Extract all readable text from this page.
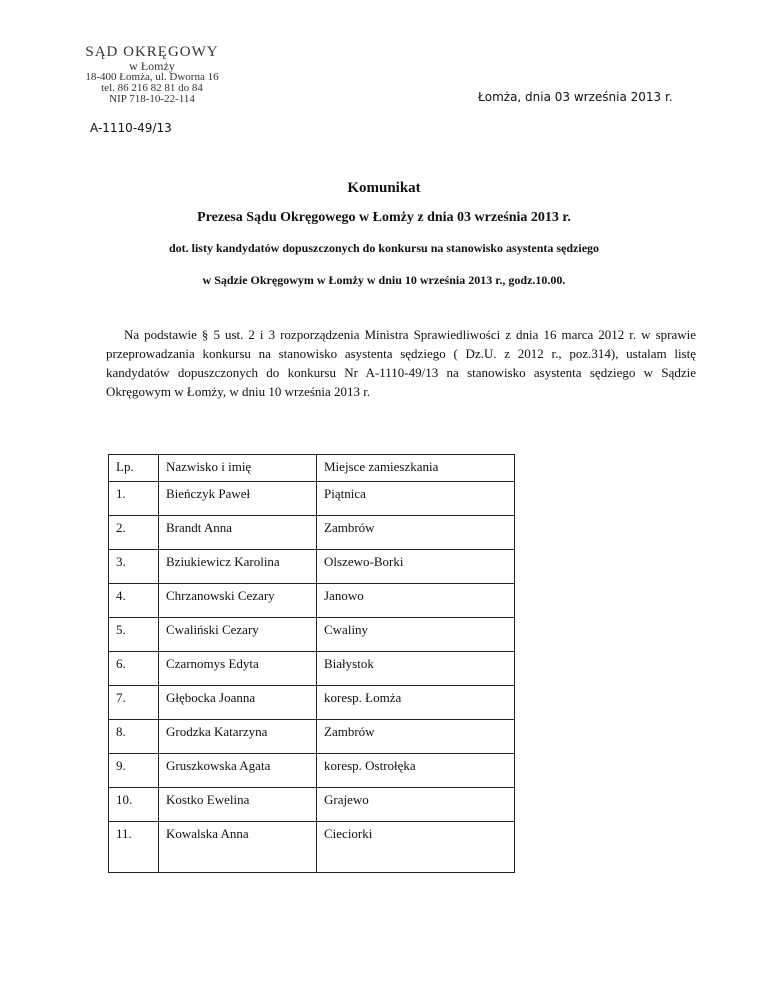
SĄD OKRĘGOWY
w Łomży
18-400 Łomża, ul. Dworna 16
tel. 86 216 82 81 do 84
NIP 718-10-22-114	Łomża, dnia 03 września 2013 r.
A-1110-49/13
Komunikat
Prezesa Sądu Okręgowego w Łomży z dnia 03 września 2013 r.
dot. listy kandydatów dopuszczonych do konkursu na stanowisko asystenta sędziego
w Sądzie Okręgowym w Łomży w dniu 10 września 2013 r., godz.10.00.
Na podstawie § 5 ust. 2 i 3 rozporządzenia Ministra Sprawiedliwości z dnia 16 marca 2012 r. w sprawie przeprowadzania konkursu na stanowisko asystenta sędziego ( Dz.U. z 2012 r., poz.314), ustalam listę kandydatów dopuszczonych do konkursu Nr A-1110-49/13 na stanowisko asystenta sędziego w Sądzie Okręgowym w Łomży, w dniu 10 września 2013 r.
Lp.	Nazwisko i imię	Miejsce zamieszkania
1.	Bieńczyk Paweł	Piątnica
2.	Brandt Anna	Zambrów
3.	Bziukiewicz Karolina	Olszewo-Borki
4.	Chrzanowski Cezary	Janowo
5.	Cwaliński Cezary	Cwaliny
6.	Czarnomys Edyta	Białystok
7.	Głębocka Joanna	koresp. Łomża
8.	Grodzka Katarzyna	Zambrów
9.	Gruszkowska Agata	koresp. Ostrołęka
10.	Kostko Ewelina	Grajewo
11.	Kowalska Anna	Cieciorki
